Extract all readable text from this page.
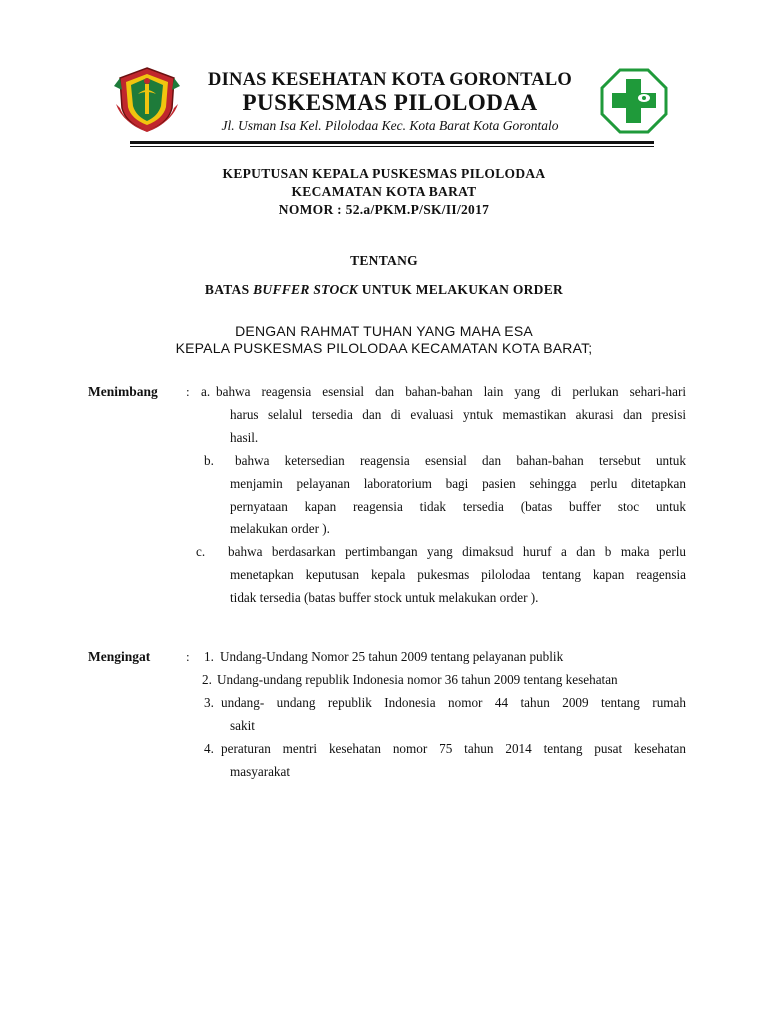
DINAS KESEHATAN KOTA GORONTALO
PUSKESMAS PILOLODAA
Jl. Usman Isa Kel. Pilolodaa Kec. Kota Barat Kota Gorontalo
KEPUTUSAN KEPALA PUSKESMAS PILOLODAA
KECAMATAN KOTA BARAT
NOMOR : 52.a/PKM.P/SK/II/2017
TENTANG
BATAS BUFFER STOCK UNTUK MELAKUKAN ORDER
DENGAN RAHMAT TUHAN YANG MAHA ESA
KEPALA PUSKESMAS PILOLODAA KECAMATAN KOTA BARAT;
Menimbang : a. bahwa reagensia esensial dan bahan-bahan lain yang di perlukan sehari-hari
harus selalul tersedia dan di evaluasi yntuk memastikan akurasi dan presisi
hasil.
b. bahwa ketersedian reagensia esensial dan bahan-bahan tersebut untuk
menjamin pelayanan laboratorium bagi pasien sehingga perlu ditetapkan
pernyataan kapan reagensia tidak tersedia (batas buffer stoc untuk
melakukan order ).
c. bahwa berdasarkan pertimbangan yang dimaksud huruf a dan b maka perlu
menetapkan keputusan kepala pukesmas pilolodaa tentang kapan reagensia
tidak tersedia (batas buffer stock untuk melakukan order ).
Mengingat	: 1. Undang-Undang Nomor 25 tahun 2009 tentang pelayanan publik
2. Undang-undang republik Indonesia nomor 36 tahun 2009 tentang kesehatan
3. undang- undang republik Indonesia nomor 44 tahun 2009 tentang rumah
sakit
4. peraturan mentri kesehatan nomor 75 tahun 2014 tentang pusat kesehatan
masyarakat
